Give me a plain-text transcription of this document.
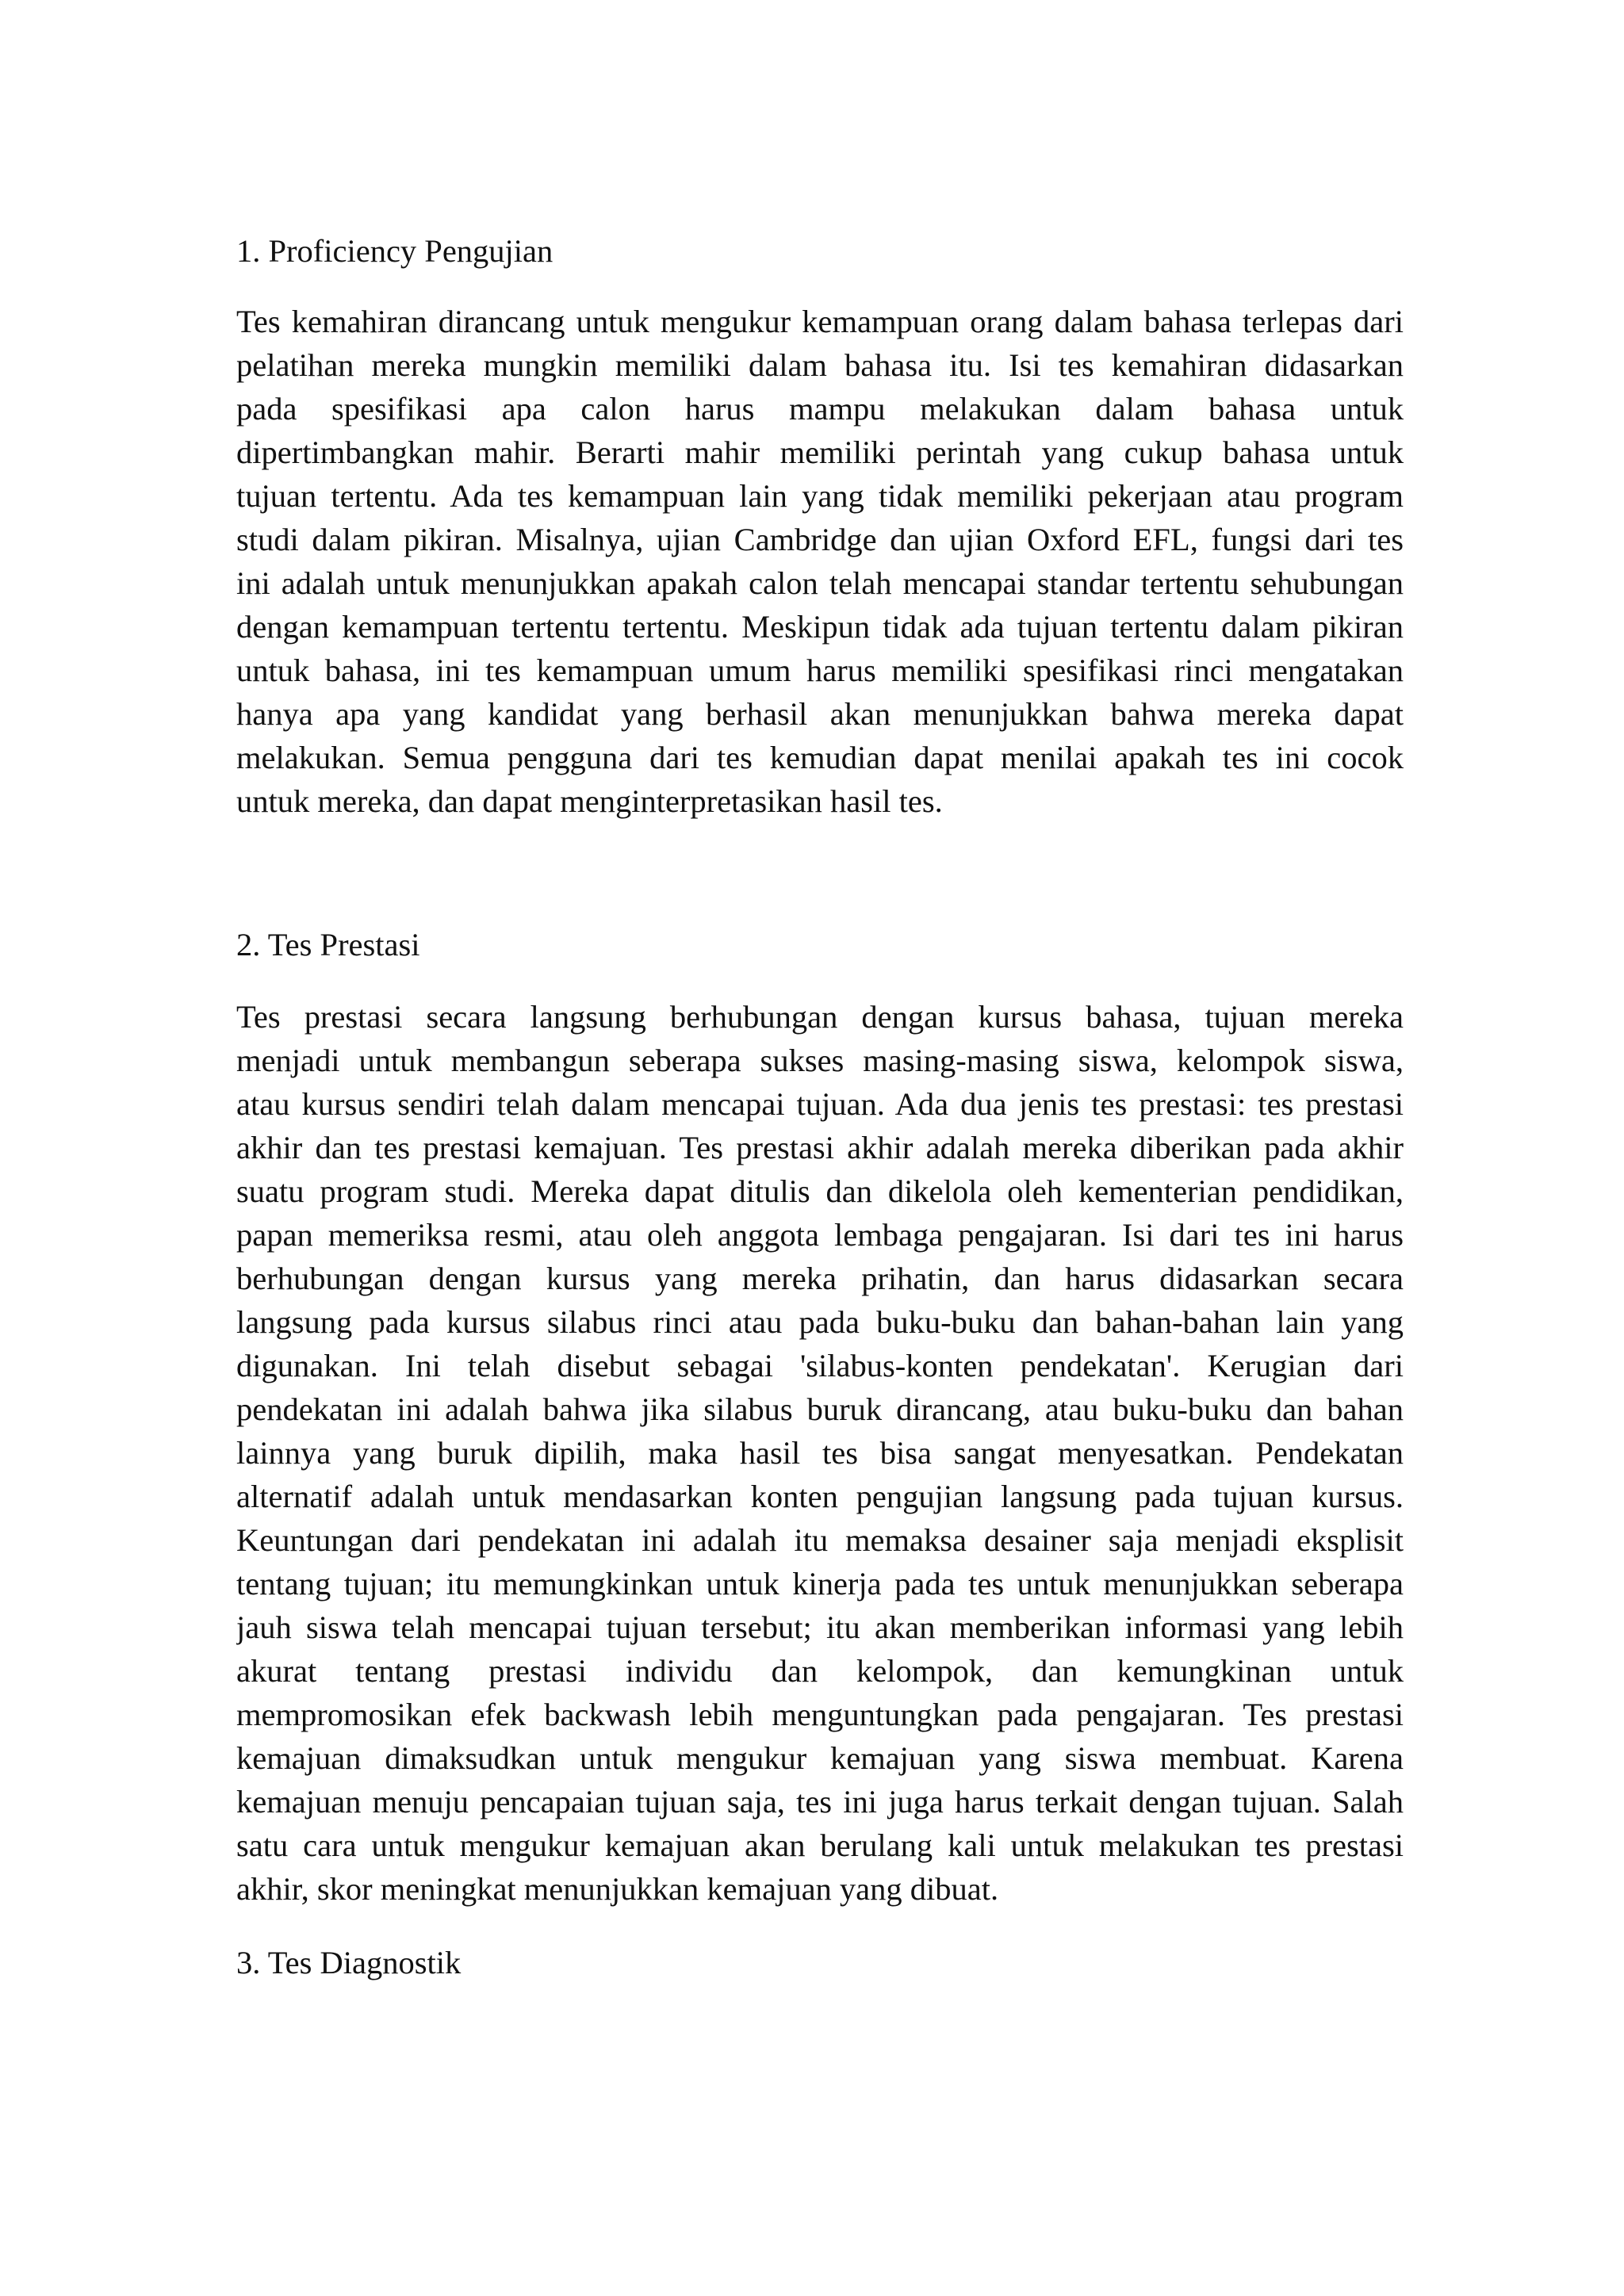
1. Proficiency Pengujian
Tes kemahiran dirancang untuk mengukur kemampuan orang dalam bahasa terlepas dari
pelatihan mereka mungkin memiliki dalam bahasa itu. Isi tes kemahiran didasarkan
pada spesifikasi apa calon harus mampu melakukan dalam bahasa untuk
dipertimbangkan mahir. Berarti mahir memiliki perintah yang cukup bahasa untuk
tujuan tertentu. Ada tes kemampuan lain yang tidak memiliki pekerjaan atau program
studi dalam pikiran. Misalnya, ujian Cambridge dan ujian Oxford EFL, fungsi dari tes
ini adalah untuk menunjukkan apakah calon telah mencapai standar tertentu sehubungan
dengan kemampuan tertentu tertentu. Meskipun tidak ada tujuan tertentu dalam pikiran
untuk bahasa, ini tes kemampuan umum harus memiliki spesifikasi rinci mengatakan
hanya apa yang kandidat yang berhasil akan menunjukkan bahwa mereka dapat
melakukan. Semua pengguna dari tes kemudian dapat menilai apakah tes ini cocok
untuk mereka, dan dapat menginterpretasikan hasil tes.
2. Tes Prestasi
Tes prestasi secara langsung berhubungan dengan kursus bahasa, tujuan mereka
menjadi untuk membangun seberapa sukses masing-masing siswa, kelompok siswa,
atau kursus sendiri telah dalam mencapai tujuan. Ada dua jenis tes prestasi: tes prestasi
akhir dan tes prestasi kemajuan. Tes prestasi akhir adalah mereka diberikan pada akhir
suatu program studi. Mereka dapat ditulis dan dikelola oleh kementerian pendidikan,
papan memeriksa resmi, atau oleh anggota lembaga pengajaran. Isi dari tes ini harus
berhubungan dengan kursus yang mereka prihatin, dan harus didasarkan secara
langsung pada kursus silabus rinci atau pada buku-buku dan bahan-bahan lain yang
digunakan. Ini telah disebut sebagai 'silabus-konten pendekatan'. Kerugian dari
pendekatan ini adalah bahwa jika silabus buruk dirancang, atau buku-buku dan bahan
lainnya yang buruk dipilih, maka hasil tes bisa sangat menyesatkan. Pendekatan
alternatif adalah untuk mendasarkan konten pengujian langsung pada tujuan kursus.
Keuntungan dari pendekatan ini adalah itu memaksa desainer saja menjadi eksplisit
tentang tujuan; itu memungkinkan untuk kinerja pada tes untuk menunjukkan seberapa
jauh siswa telah mencapai tujuan tersebut; itu akan memberikan informasi yang lebih
akurat tentang prestasi individu dan kelompok, dan kemungkinan untuk
mempromosikan efek backwash lebih menguntungkan pada pengajaran. Tes prestasi
kemajuan dimaksudkan untuk mengukur kemajuan yang siswa membuat. Karena
kemajuan menuju pencapaian tujuan saja, tes ini juga harus terkait dengan tujuan. Salah
satu cara untuk mengukur kemajuan akan berulang kali untuk melakukan tes prestasi
akhir, skor meningkat menunjukkan kemajuan yang dibuat.
3. Tes Diagnostik
